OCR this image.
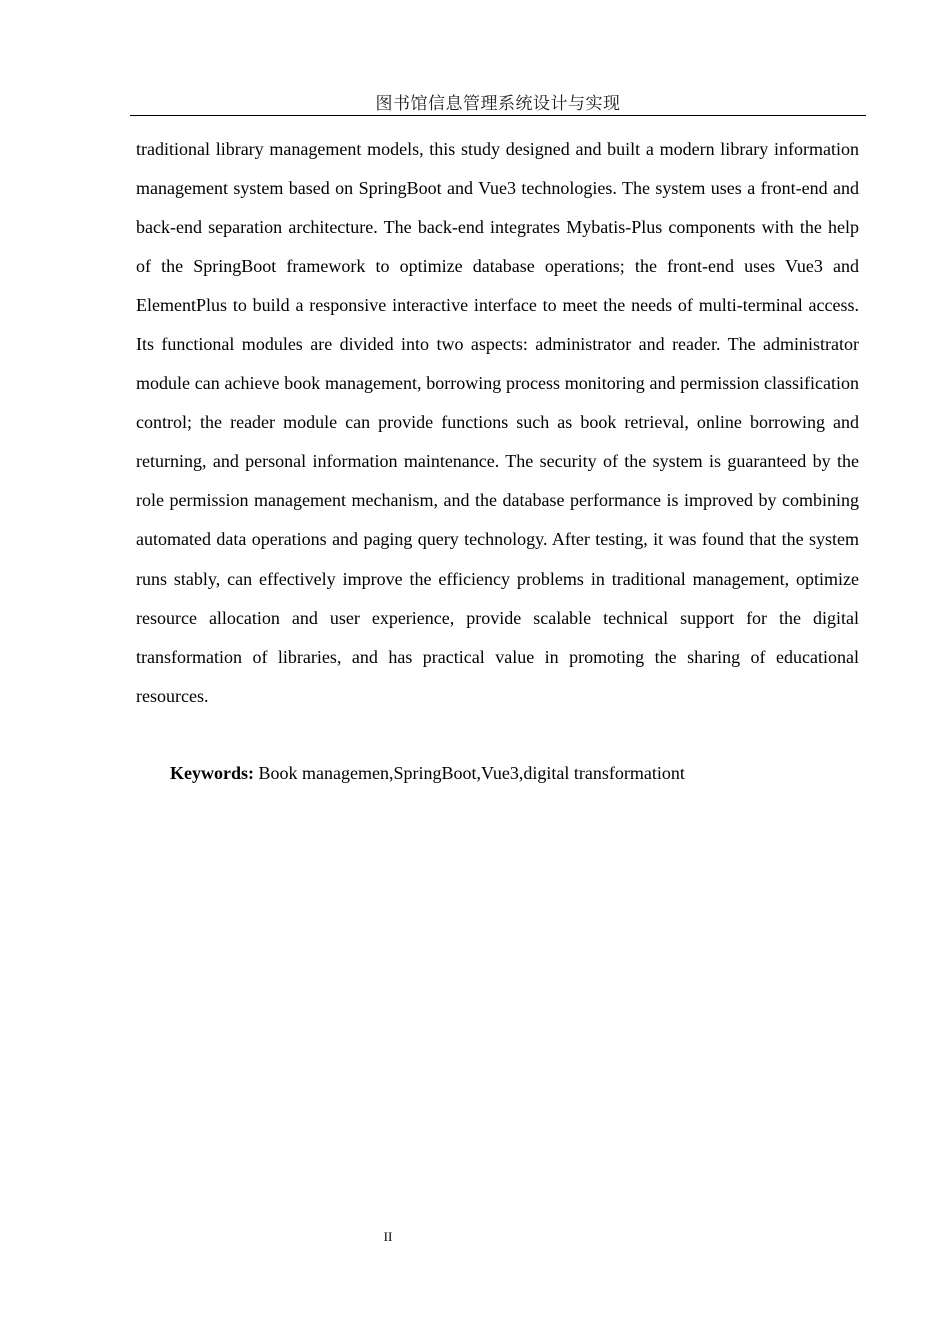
图书馆信息管理系统设计与实现

traditional library management models, this study designed and built a modern library information management system based on SpringBoot and Vue3 technologies. The system uses a front-end and back-end separation architecture. The back-end integrates Mybatis-Plus components with the help of the SpringBoot framework to optimize database operations; the front-end uses Vue3 and ElementPlus to build a responsive interactive interface to meet the needs of multi-terminal access. Its functional modules are divided into two aspects: administrator and reader. The administrator module can achieve book management, borrowing process monitoring and permission classification control; the reader module can provide functions such as book retrieval, online borrowing and returning, and personal information maintenance. The security of the system is guaranteed by the role permission management mechanism, and the database performance is improved by combining automated data operations and paging query technology. After testing, it was found that the system runs stably, can effectively improve the efficiency problems in traditional management, optimize resource allocation and user experience, provide scalable technical support for the digital transformation of libraries, and has practical value in promoting the sharing of educational resources.

Keywords: Book managemen,SpringBoot,Vue3,digital transformationt

II
